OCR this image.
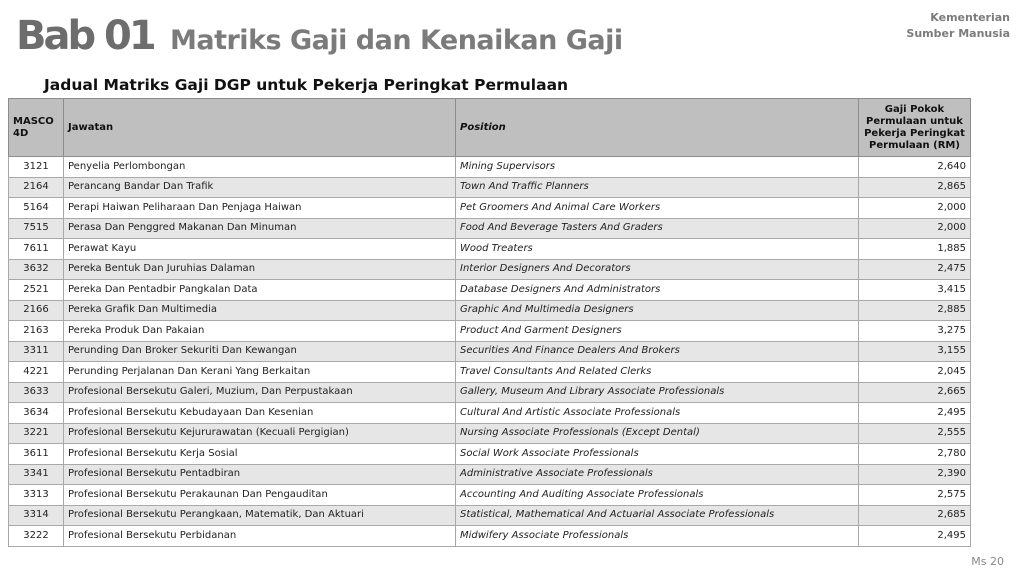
Bab 01 Matriks Gaji dan Kenaikan Gaji
Kementerian
Sumber Manusia
Jadual Matriks Gaji DGP untuk Pekerja Peringkat Permulaan
MASCO 4D	Jawatan	Position	Gaji Pokok Permulaan untuk Pekerja Peringkat Permulaan (RM)
3121	Penyelia Perlombongan	Mining Supervisors	2,640
2164	Perancang Bandar Dan Trafik	Town And Traffic Planners	2,865
5164	Perapi Haiwan Peliharaan Dan Penjaga Haiwan	Pet Groomers And Animal Care Workers	2,000
7515	Perasa Dan Penggred Makanan Dan Minuman	Food And Beverage Tasters And Graders	2,000
7611	Perawat Kayu	Wood Treaters	1,885
3632	Pereka Bentuk Dan Juruhias Dalaman	Interior Designers And Decorators	2,475
2521	Pereka Dan Pentadbir Pangkalan Data	Database Designers And Administrators	3,415
2166	Pereka Grafik Dan Multimedia	Graphic And Multimedia Designers	2,885
2163	Pereka Produk Dan Pakaian	Product And Garment Designers	3,275
3311	Perunding Dan Broker Sekuriti Dan Kewangan	Securities And Finance Dealers And Brokers	3,155
4221	Perunding Perjalanan Dan Kerani Yang Berkaitan	Travel Consultants And Related Clerks	2,045
3633	Profesional Bersekutu Galeri, Muzium, Dan Perpustakaan	Gallery, Museum And Library Associate Professionals	2,665
3634	Profesional Bersekutu Kebudayaan Dan Kesenian	Cultural And Artistic Associate Professionals	2,495
3221	Profesional Bersekutu Kejururawatan (Kecuali Pergigian)	Nursing Associate Professionals (Except Dental)	2,555
3611	Profesional Bersekutu Kerja Sosial	Social Work Associate Professionals	2,780
3341	Profesional Bersekutu Pentadbiran	Administrative Associate Professionals	2,390
3313	Profesional Bersekutu Perakaunan Dan Pengauditan	Accounting And Auditing Associate Professionals	2,575
3314	Profesional Bersekutu Perangkaan, Matematik, Dan Aktuari	Statistical, Mathematical And Actuarial Associate Professionals	2,685
3222	Profesional Bersekutu Perbidanan	Midwifery Associate Professionals	2,495
Ms 20
